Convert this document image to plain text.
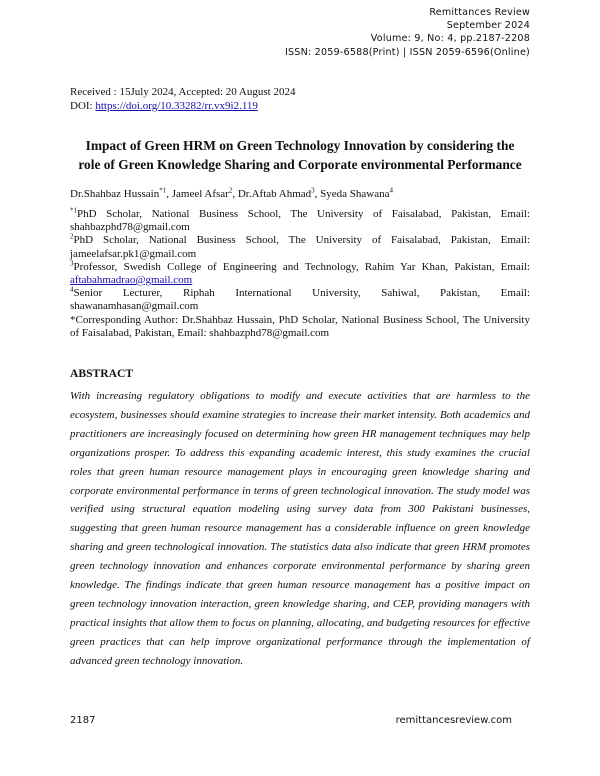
Remittances Review
September 2024
Volume: 9, No: 4, pp.2187-2208
ISSN: 2059-6588(Print) | ISSN 2059-6596(Online)
Received : 15July 2024, Accepted: 20 August 2024
DOI: https://doi.org/10.33282/rr.vx9i2.119
Impact of Green HRM on Green Technology Innovation by considering the
role of Green Knowledge Sharing and Corporate environmental Performance
Dr.Shahbaz Hussain$^{*1}$, Jameel Afsar$^2$, Dr.Aftab Ahmad$^3$, Syeda Shawana$^4$

$^{*1}$PhD Scholar, National Business School, The University of Faisalabad, Pakistan, Email: shahbazphd78@gmail.com

$^2$PhD Scholar, National Business School, The University of Faisalabad, Pakistan, Email: jameelafsar.pk1@gmail.com

$^3$Professor, Swedish College of Engineering and Technology, Rahim Yar Khan, Pakistan, Email: aftabahmadrao@gmail.com

$^4$Senior Lecturer, Riphah International University, Sahiwal, Pakistan, Email: shawanamhasan@gmail.com

*Corresponding Author: Dr.Shahbaz Hussain, PhD Scholar, National Business School, The University of Faisalabad, Pakistan, Email: shahbazphd78@gmail.com

ABSTRACT

With increasing regulatory obligations to modify and execute activities that are harmless to the ecosystem, businesses should examine strategies to increase their market intensity. Both academics and practitioners are increasingly focused on determining how green HR management techniques may help organizations prosper. To address this expanding academic interest, this study examines the crucial roles that green human resource management plays in encouraging green knowledge sharing and corporate environmental performance in terms of green technological innovation. The study model was verified using structural equation modeling using survey data from 300 Pakistani businesses, suggesting that green human resource management has a considerable influence on green knowledge sharing and green technological innovation. The statistics data also indicate that green HRM promotes green technology innovation and enhances corporate environmental performance by sharing green knowledge. The findings indicate that green human resource management has a positive impact on green technology innovation interaction, green knowledge sharing, and CEP, providing managers with practical insights that allow them to focus on planning, allocating, and budgeting resources for effective green practices that can help improve organizational performance through the implementation of advanced green technology innovation.

2187	remittancesreview.com
